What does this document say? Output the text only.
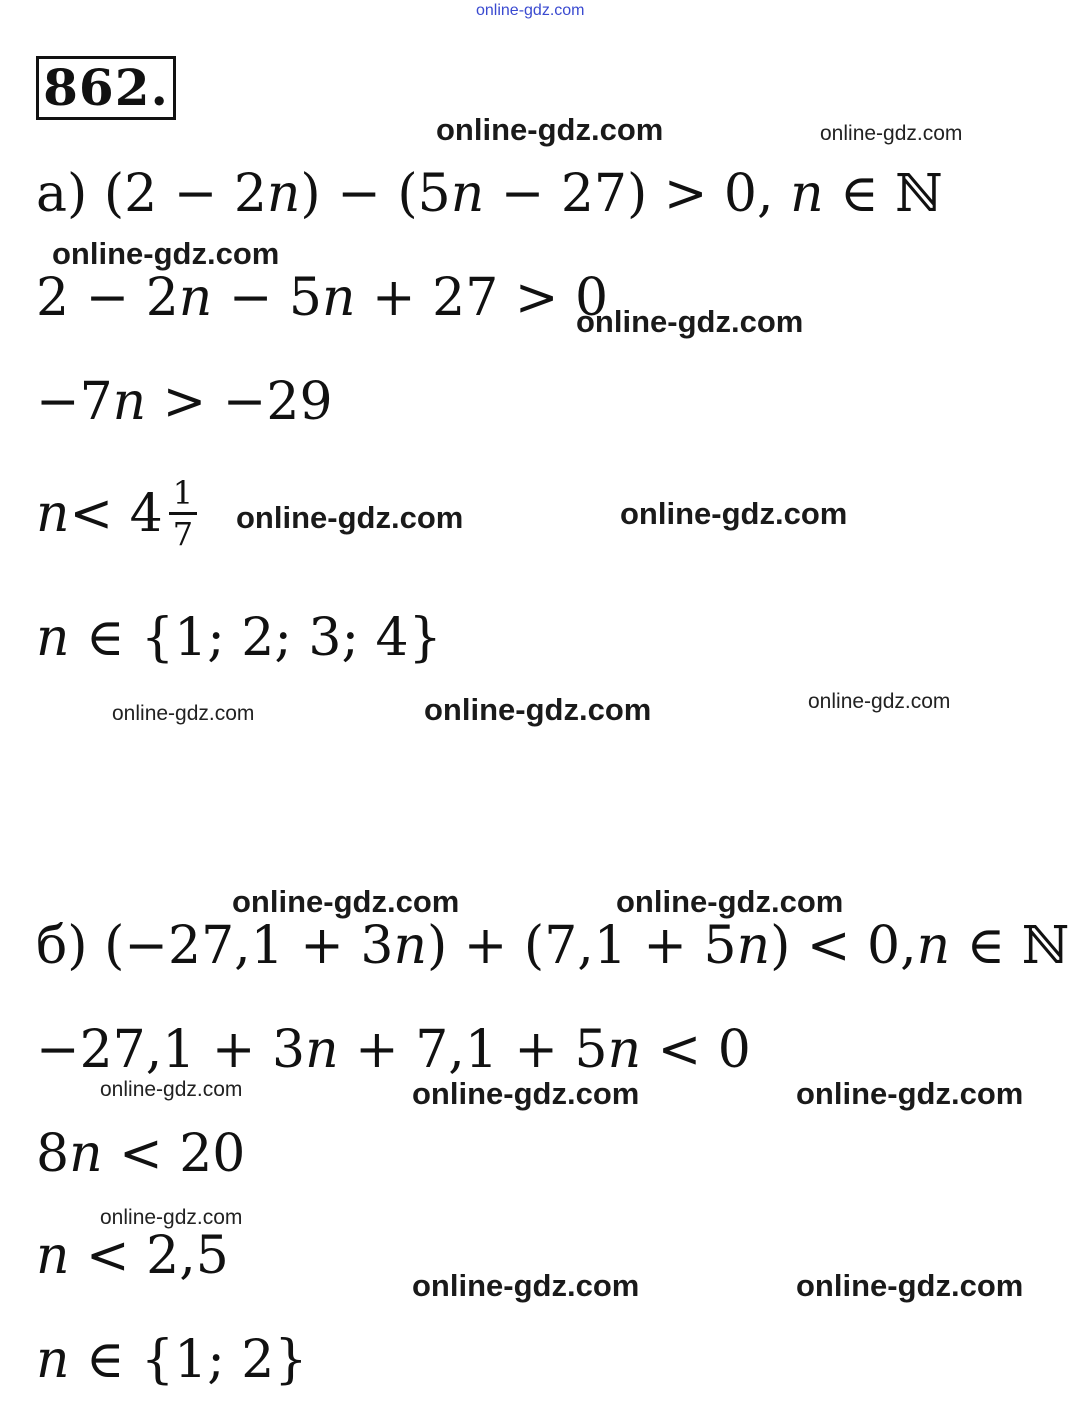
online-gdz.com
862.
а) (2 − 2n) − (5n − 27) > 0, n ∈ ℕ
2 − 2n − 5n + 27 > 0
−7n > −29
$n < 4 \frac{1}{7}$
n ∈ {1; 2; 3; 4}
б) (−27,1 + 3n) + (7,1 + 5n) < 0,n ∈ ℕ
−27,1 + 3n + 7,1 + 5n < 0
8n < 20
n < 2,5
n ∈ {1; 2}
online-gdz.com	online-gdz.com
online-gdz.com
online-gdz.com
online-gdz.com	online-gdz.com
online-gdz.com	online-gdz.com	online-gdz.com
online-gdz.com	online-gdz.com
online-gdz.com	online-gdz.com	online-gdz.com
online-gdz.com
online-gdz.com	online-gdz.com
